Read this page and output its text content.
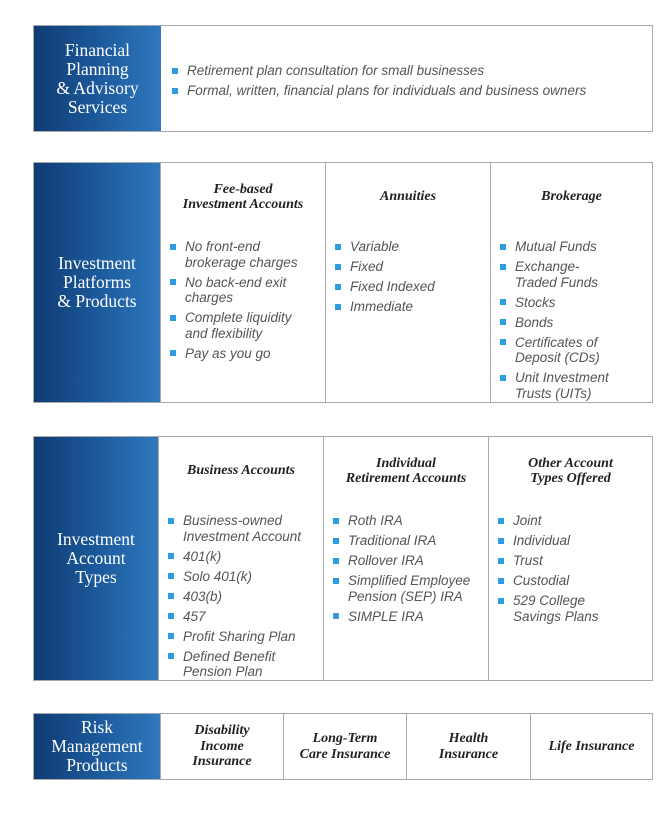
Financial
Planning
& Advisory
Services
Retirement plan consultation for small businesses
Formal, written, financial plans for individuals and business owners
Investment
Platforms
& Products
Fee-based
Investment Accounts
No front-end
brokerage charges
No back-end exit
charges
Complete liquidity
and flexibility
Pay as you go
Annuities
Variable
Fixed
Fixed Indexed
Immediate
Brokerage
Mutual Funds
Exchange-
Traded Funds
Stocks
Bonds
Certificates of
Deposit (CDs)
Unit Investment
Trusts (UITs)
Investment
Account
Types
Business Accounts
Business-owned
Investment Account
401(k)
Solo 401(k)
403(b)
457
Profit Sharing Plan
Defined Benefit
Pension Plan
Individual
Retirement Accounts
Roth IRA
Traditional IRA
Rollover IRA
Simplified Employee
Pension (SEP) IRA
SIMPLE IRA
Other Account
Types Offered
Joint
Individual
Trust
Custodial
529 College
Savings Plans
Risk
Management
Products
Disability
Income
Insurance
Long-Term
Care Insurance
Health
Insurance
Life Insurance
